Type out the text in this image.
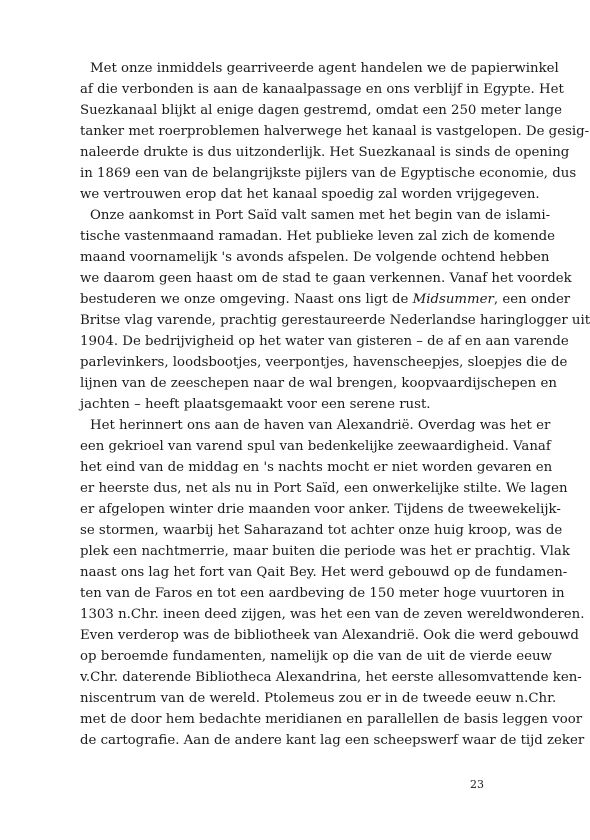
Met onze inmiddels gearriveerde agent handelen we de papierwinkel
af die verbonden is aan de kanaalpassage en ons verblijf in Egypte. Het
Suezkanaal blijkt al enige dagen gestremd, omdat een 250 meter lange
tanker met roerproblemen halverwege het kanaal is vastgelopen. De gesig-
naleerde drukte is dus uitzonderlijk. Het Suezkanaal is sinds de opening
in 1869 een van de belangrijkste pijlers van de Egyptische economie, dus
we vertrouwen erop dat het kanaal spoedig zal worden vrijgegeven.
Onze aankomst in Port Saïd valt samen met het begin van de islami-
tische vastenmaand ramadan. Het publieke leven zal zich de komende
maand voornamelijk 's avonds afspelen. De volgende ochtend hebben
we daarom geen haast om de stad te gaan verkennen. Vanaf het voordek
bestuderen we onze omgeving. Naast ons ligt de Midsummer, een onder
Britse vlag varende, prachtig gerestaureerde Nederlandse haringlogger uit
1904. De bedrijvigheid op het water van gisteren – de af en aan varende
parlevinkers, loodsbootjes, veerpontjes, havenscheepjes, sloepjes die de
lijnen van de zeeschepen naar de wal brengen, koopvaardijschepen en
jachten – heeft plaatsgemaakt voor een serene rust.
Het herinnert ons aan de haven van Alexandrië. Overdag was het er
een gekrioel van varend spul van bedenkelijke zeewaardigheid. Vanaf
het eind van de middag en 's nachts mocht er niet worden gevaren en
er heerste dus, net als nu in Port Saïd, een onwerkelijke stilte. We lagen
er afgelopen winter drie maanden voor anker. Tijdens de tweewekelijk-
se stormen, waarbij het Saharazand tot achter onze huig kroop, was de
plek een nachtmerrie, maar buiten die periode was het er prachtig. Vlak
naast ons lag het fort van Qait Bey. Het werd gebouwd op de fundamen-
ten van de Faros en tot een aardbeving de 150 meter hoge vuurtoren in
1303 n.Chr. ineen deed zijgen, was het een van de zeven wereldwonderen.
Even verderop was de bibliotheek van Alexandrië. Ook die werd gebouwd
op beroemde fundamenten, namelijk op die van de uit de vierde eeuw
v.Chr. daterende Bibliotheca Alexandrina, het eerste allesomvattende ken-
niscentrum van de wereld. Ptolemeus zou er in de tweede eeuw n.Chr.
met de door hem bedachte meridianen en parallellen de basis leggen voor
de cartografie. Aan de andere kant lag een scheepswerf waar de tijd zeker
23
